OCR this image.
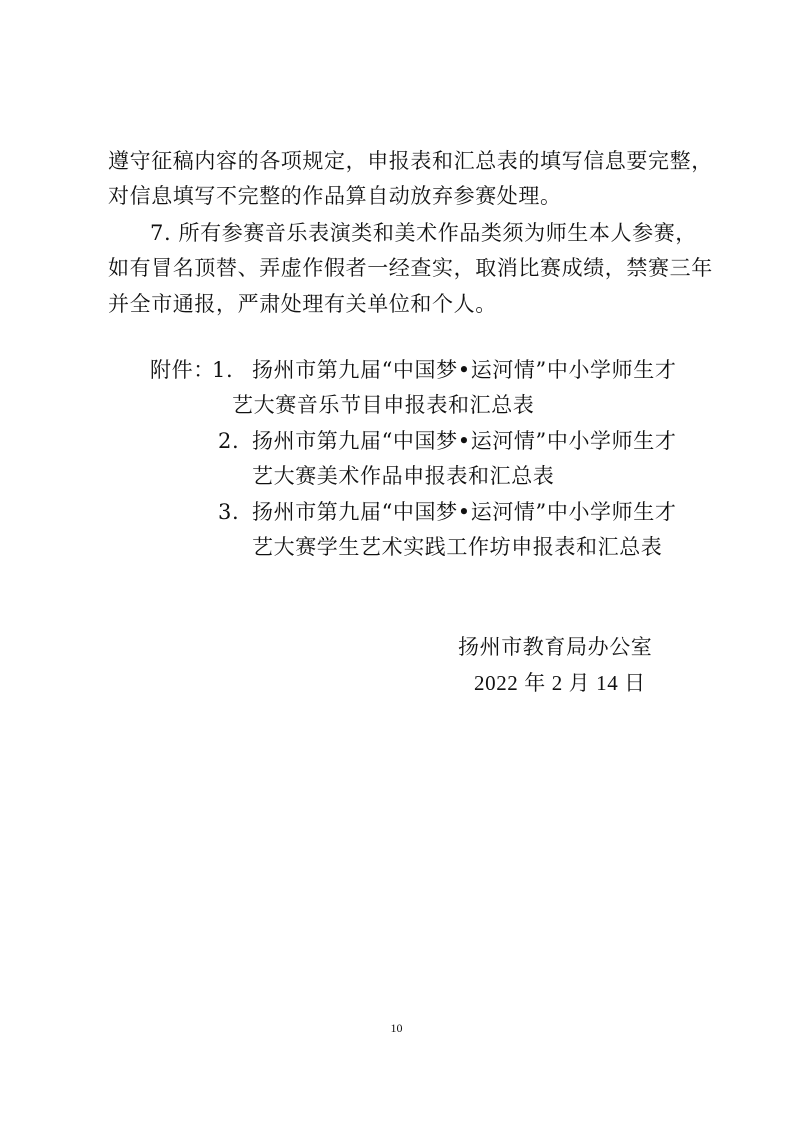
遵守征稿内容的各项规定，申报表和汇总表的填写信息要完整，
对信息填写不完整的作品算自动放弃参赛处理。
7. 所有参赛音乐表演类和美术作品类须为师生本人参赛，
如有冒名顶替、弄虚作假者一经查实，取消比赛成绩，禁赛三年
并全市通报，严肃处理有关单位和个人。
附件：
1. 扬州市第九届“中国梦•运河情”中小学师生才
艺大赛音乐节目申报表和汇总表
2. 扬州市第九届“中国梦•运河情”中小学师生才
艺大赛美术作品申报表和汇总表
3. 扬州市第九届“中国梦•运河情”中小学师生才
艺大赛学生艺术实践工作坊申报表和汇总表
扬州市教育局办公室
2022 年 2 月 14 日
10
